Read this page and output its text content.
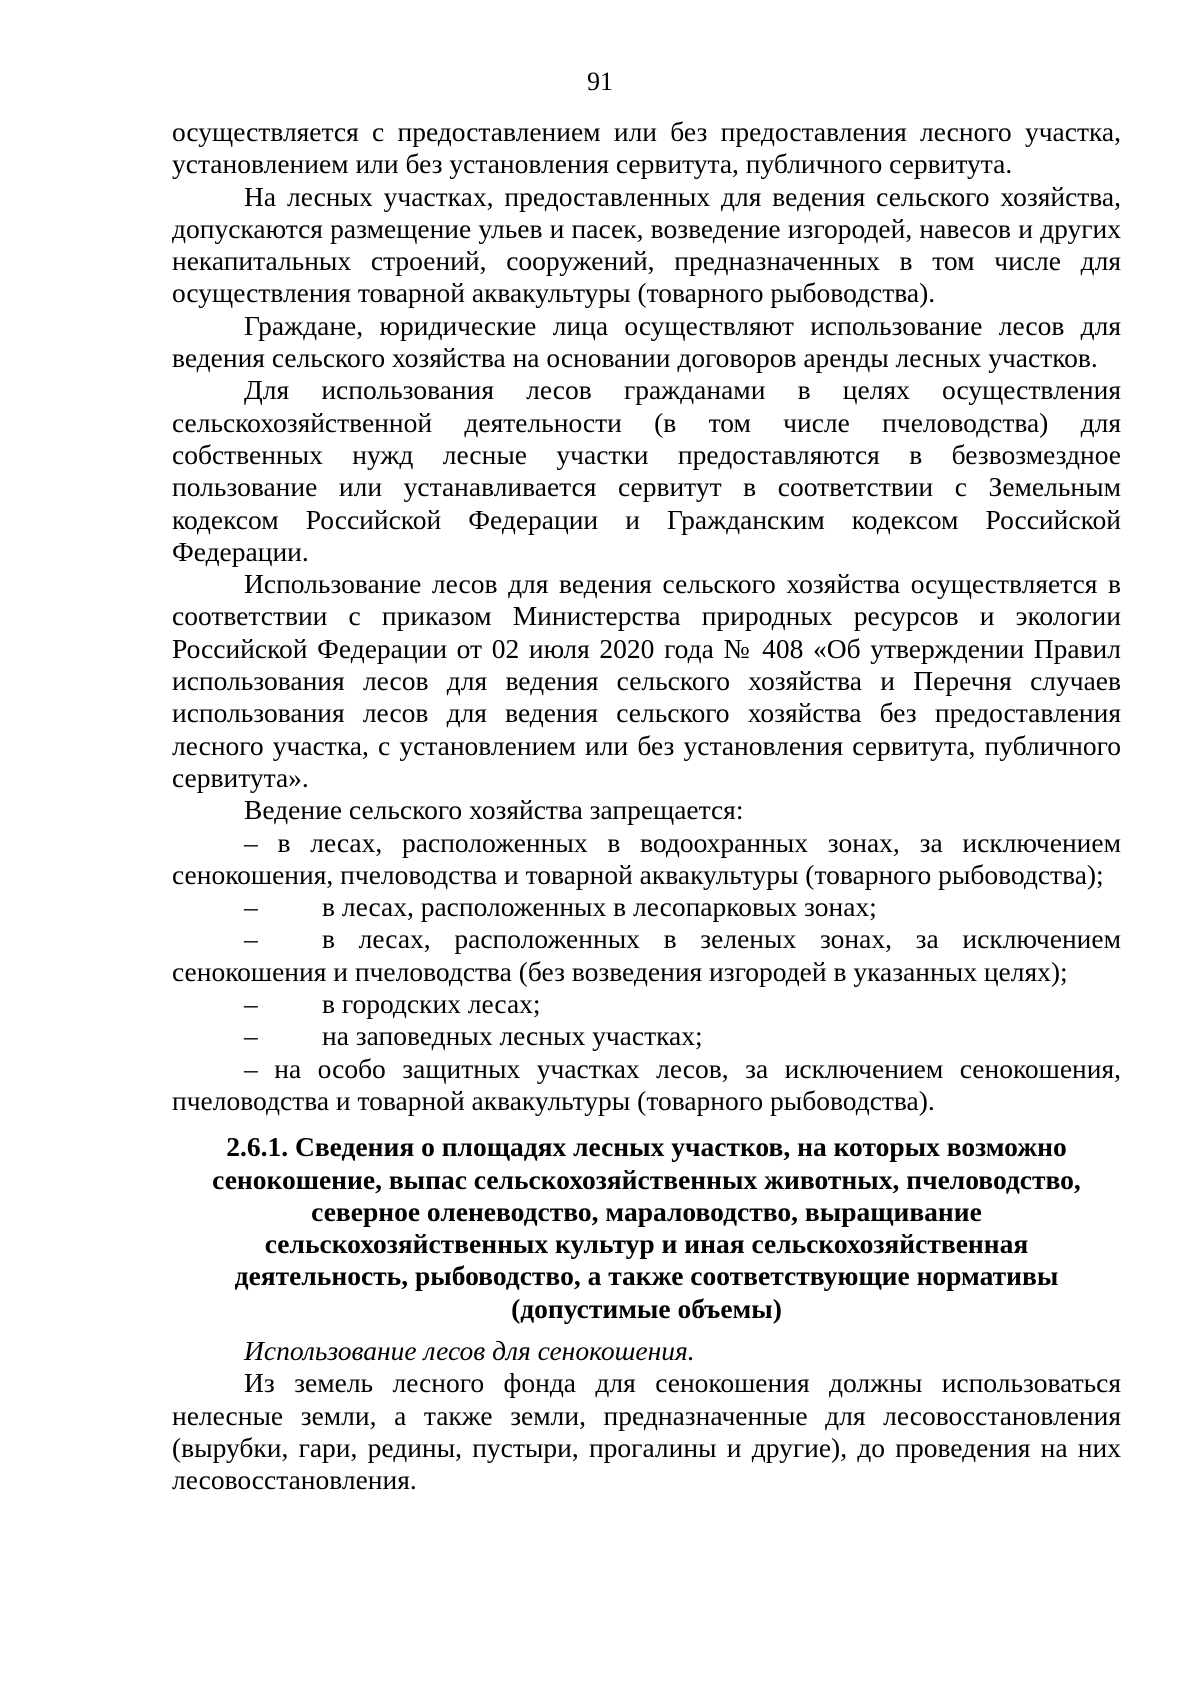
91

осуществляется с предоставлением или без предоставления лесного участка, установлением или без установления сервитута, публичного сервитута.

На лесных участках, предоставленных для ведения сельского хозяйства, допускаются размещение ульев и пасек, возведение изгородей, навесов и других некапитальных строений, сооружений, предназначенных в том числе для осуществления товарной аквакультуры (товарного рыбоводства).

Граждане, юридические лица осуществляют использование лесов для ведения сельского хозяйства на основании договоров аренды лесных участков.

Для использования лесов гражданами в целях осуществления сельскохозяйственной деятельности (в том числе пчеловодства) для собственных нужд лесные участки предоставляются в безвозмездное пользование или устанавливается сервитут в соответствии с Земельным кодексом Российской Федерации и Гражданским кодексом Российской Федерации.

Использование лесов для ведения сельского хозяйства осуществляется в соответствии с приказом Министерства природных ресурсов и экологии Российской Федерации от 02 июля 2020 года № 408 «Об утверждении Правил использования лесов для ведения сельского хозяйства и Перечня случаев использования лесов для ведения сельского хозяйства без предоставления лесного участка, с установлением или без установления сервитута, публичного сервитута».

Ведение сельского хозяйства запрещается:

– в лесах, расположенных в водоохранных зонах, за исключением сенокошения, пчеловодства и товарной аквакультуры (товарного рыбоводства);

–	в лесах, расположенных в лесопарковых зонах;
–	в лесах, расположенных в зеленых зонах, за исключением

сенокошения и пчеловодства (без возведения изгородей в указанных целях);

–	в городских лесах;
–	на заповедных лесных участках;

– на особо защитных участках лесов, за исключением сенокошения, пчеловодства и товарной аквакультуры (товарного рыбоводства).

2.6.1. Сведения о площадях лесных участков, на которых возможно сенокошение, выпас сельскохозяйственных животных, пчеловодство, северное оленеводство, мараловодство, выращивание сельскохозяйственных культур и иная сельскохозяйственная деятельность, рыбоводство, а также соответствующие нормативы (допустимые объемы)

Использование лесов для сенокошения.

Из земель лесного фонда для сенокошения должны использоваться нелесные земли, а также земли, предназначенные для лесовосстановления (вырубки, гари, редины, пустыри, прогалины и другие), до проведения на них лесовосстановления.
